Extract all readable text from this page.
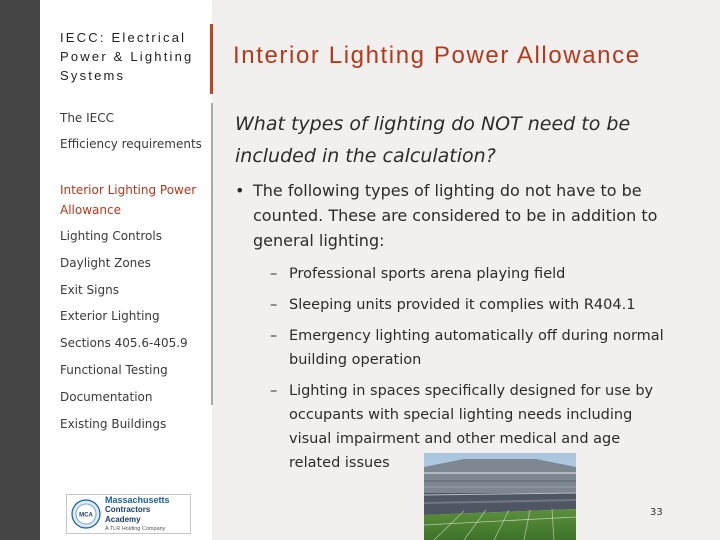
IECC: Electrical Power & Lighting Systems
The IECC
Efficiency requirements
Interior Lighting Power Allowance
Lighting Controls
Daylight Zones
Exit Signs
Exterior Lighting
Sections 405.6-405.9
Functional Testing
Documentation
Existing Buildings
Interior Lighting Power Allowance
What types of lighting do NOT need to be included in the calculation?
• The following types of lighting do not have to be counted. These are considered to be in addition to general lighting:
– Professional sports arena playing field
– Sleeping units provided it complies with R404.1
– Emergency lighting automatically off during normal building operation
– Lighting in spaces specifically designed for use by occupants with special lighting needs including visual impairment and other medical and age related issues
MCA
Massachusetts
Contractors Academy
A TLR Holding Company
33
